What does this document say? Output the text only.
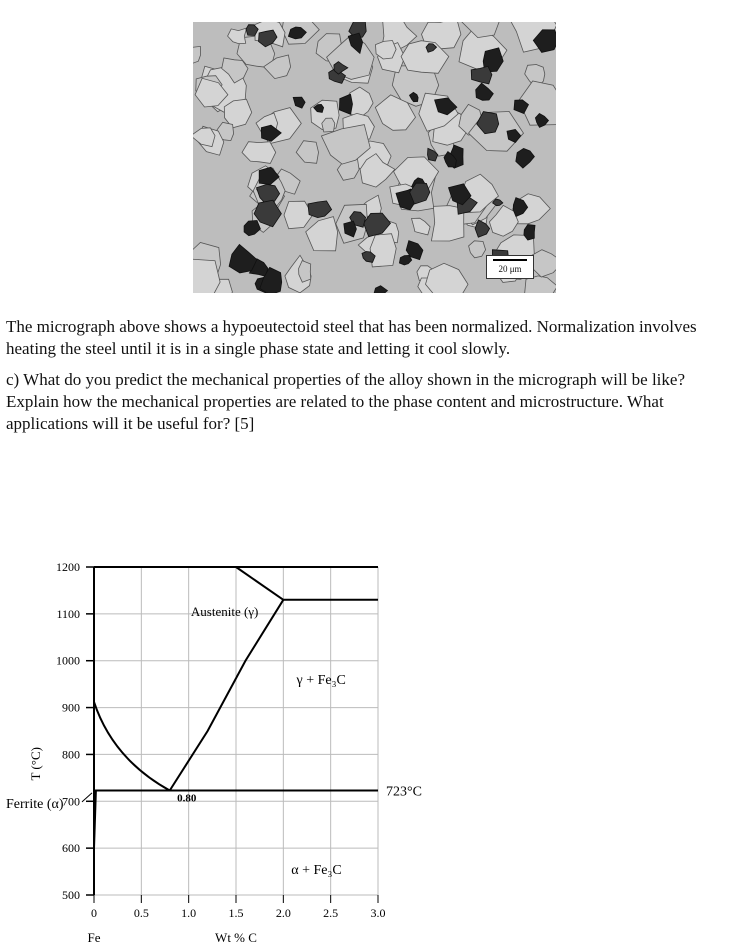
20 μm

The micrograph above shows a hypoeutectoid steel that has been normalized. Normalization involves heating the steel until it is in a single phase state and letting it cool slowly.

c) What do you predict the mechanical properties of the alloy shown in the micrograph will be like? Explain how the mechanical properties are related to the phase content and microstructure. What applications will it be useful for? [5]

500
600
700
800
900
1000
1100
1200
0	0.5	1.0	1.5	2.0	2.5	3.0
Austenite (γ)
γ + Fe₃C
α + Fe₃C
0.80	723°C
Ferrite (α)
Fe	Wt % C
T (°C)
